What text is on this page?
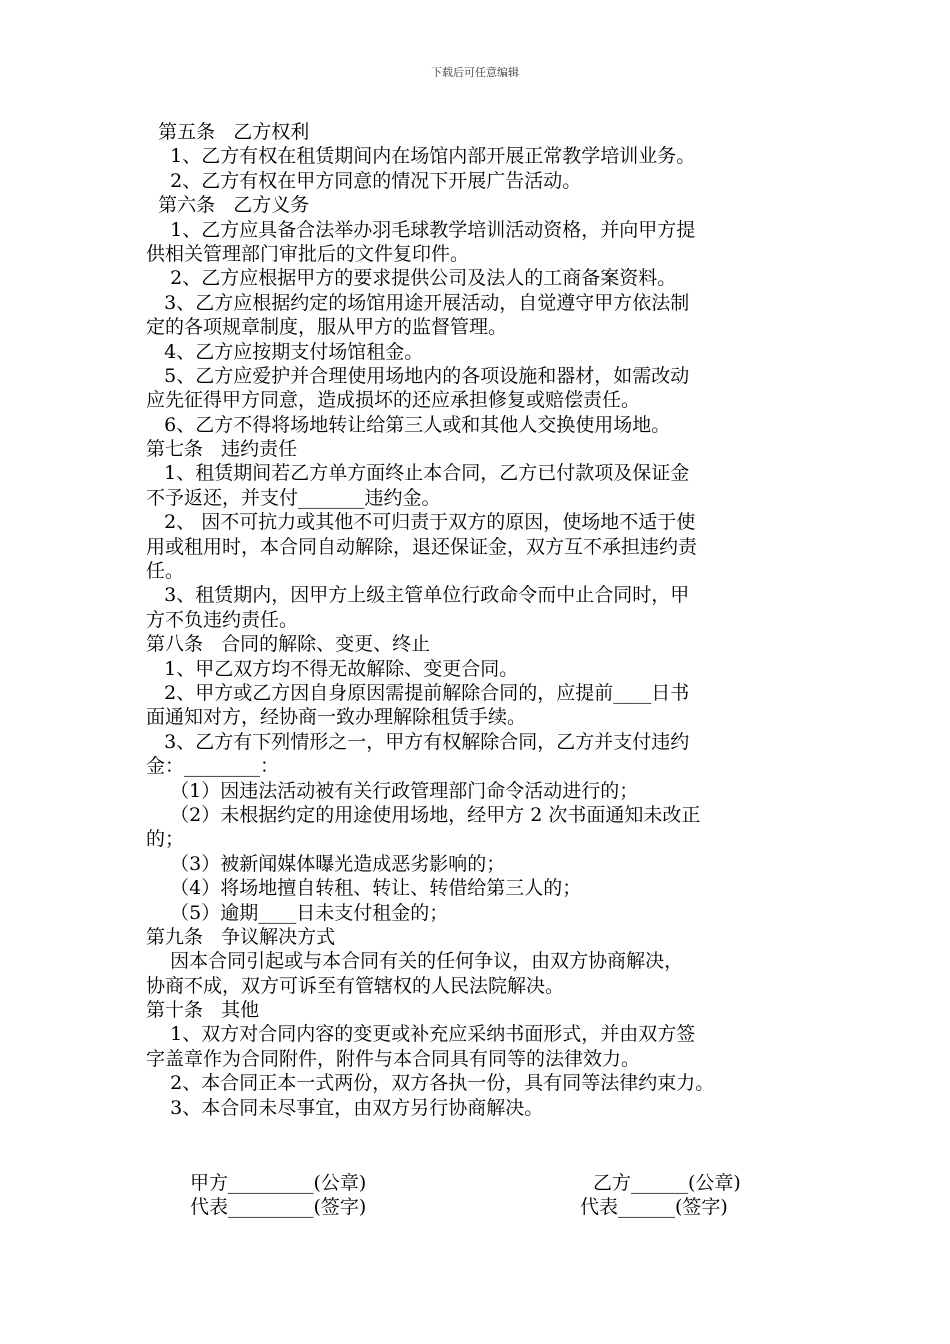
下载后可任意编辑
第五条   乙方权利
1、乙方有权在租赁期间内在场馆内部开展正常教学培训业务。
2、乙方有权在甲方同意的情况下开展广告活动。
第六条   乙方义务
1、乙方应具备合法举办羽毛球教学培训活动资格，并向甲方提
供相关管理部门审批后的文件复印件。
2、乙方应根据甲方的要求提供公司及法人的工商备案资料。
3、乙方应根据约定的场馆用途开展活动，自觉遵守甲方依法制
定的各项规章制度，服从甲方的监督管理。
4、乙方应按期支付场馆租金。
5、乙方应爱护并合理使用场地内的各项设施和器材，如需改动
应先征得甲方同意，造成损坏的还应承担修复或赔偿责任。
6、乙方不得将场地转让给第三人或和其他人交换使用场地。
第七条   违约责任
1、租赁期间若乙方单方面终止本合同，乙方已付款项及保证金
不予返还，并支付_______违约金。
2、 因不可抗力或其他不可归责于双方的原因，使场地不适于使
用或租用时，本合同自动解除，退还保证金，双方互不承担违约责
任。
3、租赁期内，因甲方上级主管单位行政命令而中止合同时，甲
方不负违约责任。
第八条   合同的解除、变更、终止
1、甲乙双方均不得无故解除、变更合同。
2、甲方或乙方因自身原因需提前解除合同的，应提前____日书
面通知对方，经协商一致办理解除租赁手续。
3、乙方有下列情形之一，甲方有权解除合同，乙方并支付违约
金：________：
（1）因违法活动被有关行政管理部门命令活动进行的；
（2）未根据约定的用途使用场地，经甲方 2 次书面通知未改正
的；
（3）被新闻媒体曝光造成恶劣影响的；
（4）将场地擅自转租、转让、转借给第三人的；
（5）逾期____日未支付租金的；
第九条   争议解决方式
因本合同引起或与本合同有关的任何争议，由双方协商解决，
协商不成，双方可诉至有管辖权的人民法院解决。
第十条   其他
1、双方对合同内容的变更或补充应采纳书面形式，并由双方签
字盖章作为合同附件，附件与本合同具有同等的法律效力。
2、本合同正本一式两份，双方各执一份，具有同等法律约束力。
3、本合同未尽事宜，由双方另行协商解决。
甲方_________(公章)
代表_________(签字)
乙方______(公章)
代表______(签字)
